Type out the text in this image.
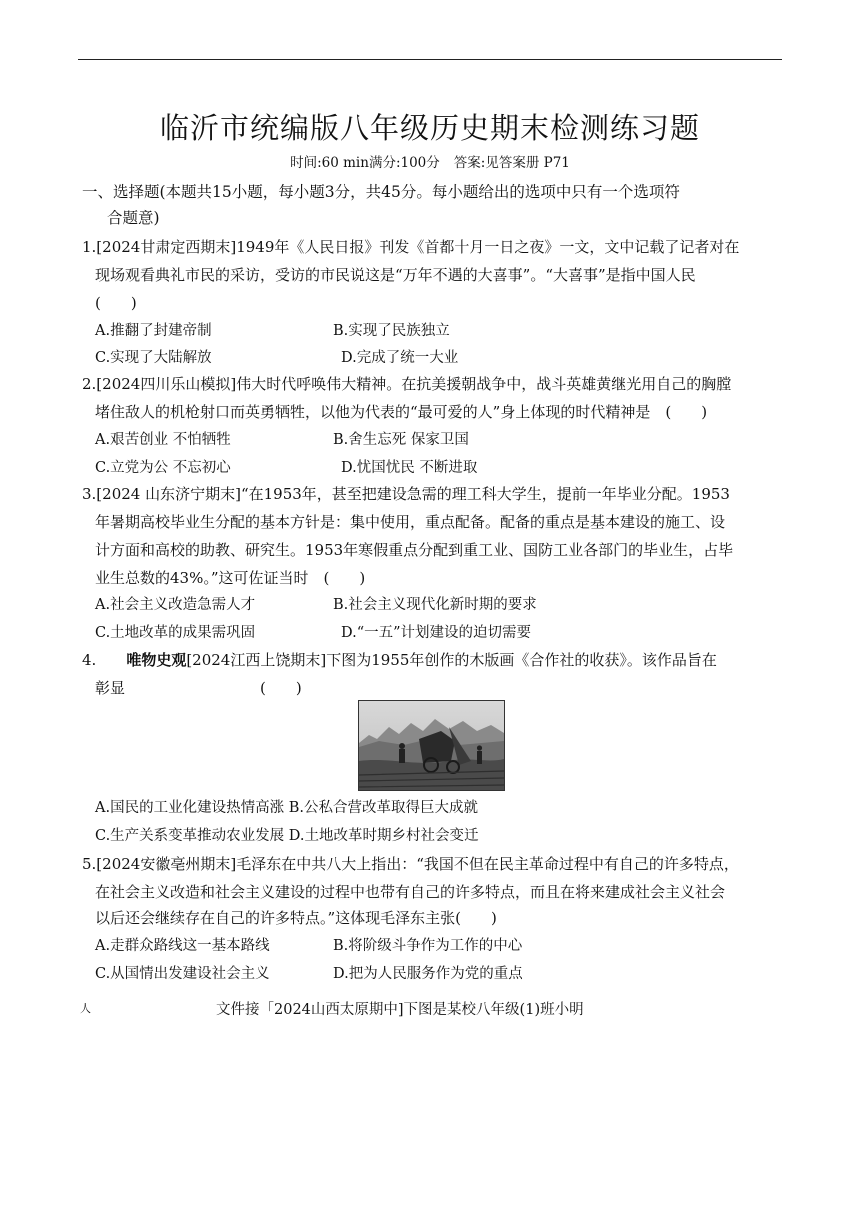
临沂市统编版八年级历史期末检测练习题
时间:60 min满分:100分 答案:见答案册 P71
一、选择题(本题共15小题，每小题3分，共45分。每小题给出的选项中只有一个选项符
合题意)
1.[2024甘肃定西期末]1949年《人民日报》刊发《首都十月一日之夜》一文，文中记载了记者对在
现场观看典礼市民的采访，受访的市民说这是“万年不遇的大喜事”。“大喜事”是指中国人民
(　　)
A.推翻了封建帝制	B.实现了民族独立
C.实现了大陆解放	D.完成了统一大业
2.[2024四川乐山模拟]伟大时代呼唤伟大精神。在抗美援朝战争中，战斗英雄黄继光用自己的胸膛
堵住敌人的机枪射口而英勇牺牲，以他为代表的“最可爱的人”身上体现的时代精神是　(　　)
A.艰苦创业 不怕牺牲	B.舍生忘死 保家卫国
C.立党为公 不忘初心	D.忧国忧民 不断进取
3.[2024 山东济宁期末]“在1953年，甚至把建设急需的理工科大学生，提前一年毕业分配。1953
年暑期高校毕业生分配的基本方针是：集中使用，重点配备。配备的重点是基本建设的施工、设
计方面和高校的助教、研究生。1953年寒假重点分配到重工业、国防工业各部门的毕业生，占毕
业生总数的43%。”这可佐证当时　(　　)
A.社会主义改造急需人才	B.社会主义现代化新时期的要求
C.土地改革的成果需巩固	D.“一五”计划建设的迫切需要
4. 唯物史观[2024江西上饶期末]下图为1955年创作的木版画《合作社的收获》。该作品旨在
彰显　　　　　　　　　(　　)
A.国民的工业化建设热情高涨 B.公私合营改革取得巨大成就
C.生产关系变革推动农业发展 D.土地改革时期乡村社会变迁
5.[2024安徽亳州期末]毛泽东在中共八大上指出：“我国不但在民主革命过程中有自己的许多特点，
在社会主义改造和社会主义建设的过程中也带有自己的许多特点，而且在将来建成社会主义社会
以后还会继续存在自己的许多特点。”这体现毛泽东主张(　　)
A.走群众路线这一基本路线	B.将阶级斗争作为工作的中心
C.从国情出发建设社会主义	D.把为人民服务作为党的重点
人	文件接「2024山西太原期中]下图是某校八年级(1)班小明
